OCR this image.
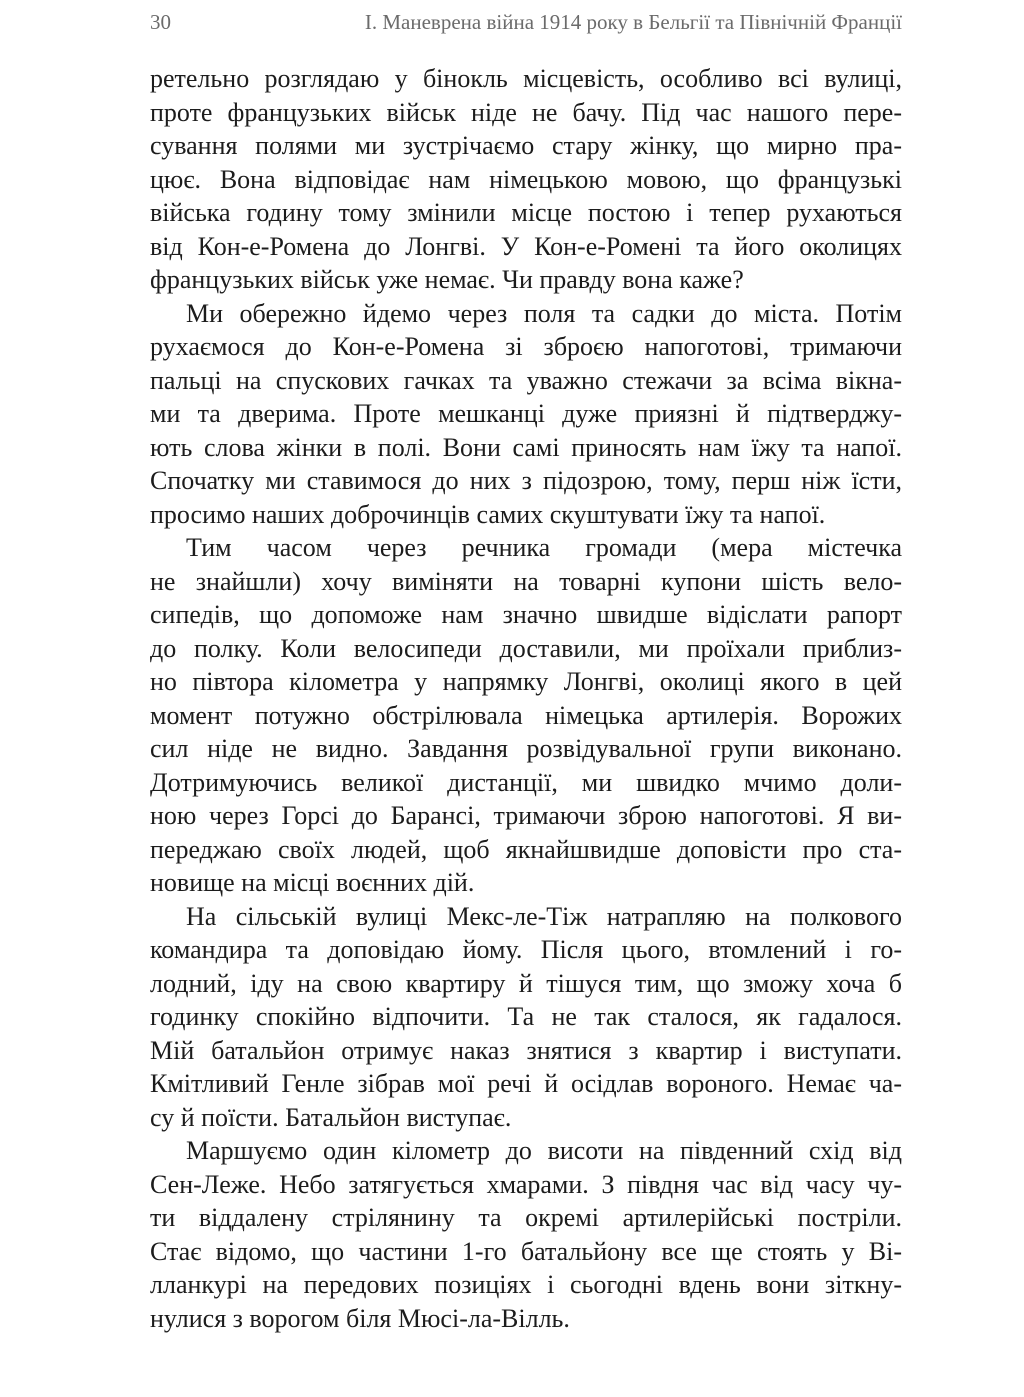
30	І. Маневрена війна 1914 року в Бельгії та Північній Франції

ретельно розглядаю у бінокль місцевість, особливо всі вулиці,
проте французьких військ ніде не бачу. Під час нашого пере-
сування полями ми зустрічаємо стару жінку, що мирно пра-
цює. Вона відповідає нам німецькою мовою, що французькі
війська годину тому змінили місце постою і тепер рухаються
від Кон-е-Ромена до Лонгві. У Кон-е-Ромені та його околицях
французьких військ уже немає. Чи правду вона каже?

Ми обережно йдемо через поля та садки до міста. Потім
рухаємося до Кон-е-Ромена зі зброєю напоготові, тримаючи
пальці на спускових гачках та уважно стежачи за всіма вікна-
ми та дверима. Проте мешканці дуже приязні й підтверджу-
ють слова жінки в полі. Вони самі приносять нам їжу та напої.
Спочатку ми ставимося до них з підозрою, тому, перш ніж їсти,
просимо наших доброчинців самих скуштувати їжу та напої.

Тим часом через речника громади (мера містечка
не знайшли) хочу виміняти на товарні купони шість вело-
сипедів, що допоможе нам значно швидше відіслати рапорт
до полку. Коли велосипеди доставили, ми проїхали приблиз-
но півтора кілометра у напрямку Лонгві, околиці якого в цей
момент потужно обстрілювала німецька артилерія. Ворожих
сил ніде не видно. Завдання розвідувальної групи виконано.
Дотримуючись великої дистанції, ми швидко мчимо доли-
ною через Горсі до Барансі, тримаючи зброю напоготові. Я ви-
переджаю своїх людей, щоб якнайшвидше доповісти про ста-
новище на місці воєнних дій.

На сільській вулиці Мекс-ле-Тіж натрапляю на полкового
командира та доповідаю йому. Після цього, втомлений і го-
лодний, іду на свою квартиру й тішуся тим, що зможу хоча б
годинку спокійно відпочити. Та не так сталося, як гадалося.
Мій батальйон отримує наказ знятися з квартир і виступати.
Кмітливий Генле зібрав мої речі й осідлав вороного. Немає ча-
су й поїсти. Батальйон виступає.

Маршуємо один кілометр до висоти на південний схід від
Сен-Леже. Небо затягується хмарами. З півдня час від часу чу-
ти віддалену стрілянину та окремі артилерійські постріли.
Стає відомо, що частини 1-го батальйону все ще стоять у Ві-
лланкурі на передових позиціях і сьогодні вдень вони зіткну-
нулися з ворогом біля Мюсі-ла-Вілль.
